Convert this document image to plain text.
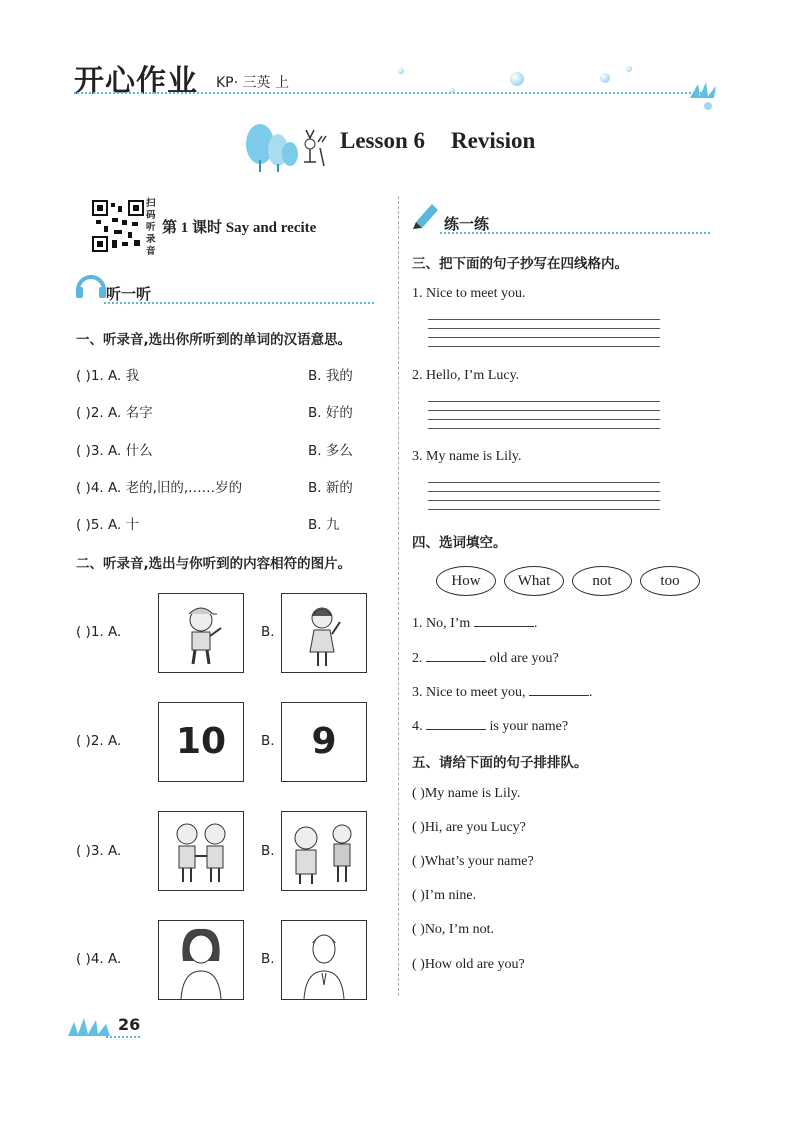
开心作业 KP· 三英 上
Lesson 6 Revision
扫码听录音
第 1 课时 Say and recite
听一听
一、听录音,选出你所听到的单词的汉语意思。
( )1. A. 我	B. 我的
( )2. A. 名字	B. 好的
( )3. A. 什么	B. 多么
( )4. A. 老的,旧的,……岁的	B. 新的
( )5. A. 十	B. 九
二、听录音,选出与你听到的内容相符的图片。
( )1. A.	B.
( )2. A.	10	B.	9
( )3. A.	B.
( )4. A.	B.
练一练
三、把下面的句子抄写在四线格内。
1. Nice to meet you.
2. Hello, I’m Lucy.
3. My name is Lily.
四、选词填空。
How	What	not	too
1. No, I’m	.
2.	old are you?
3. Nice to meet you,	.
4.	is your name?
五、请给下面的句子排排队。
( )My name is Lily.
( )Hi, are you Lucy?
( )What’s your name?
( )I’m nine.
( )No, I’m not.
( )How old are you?
26
